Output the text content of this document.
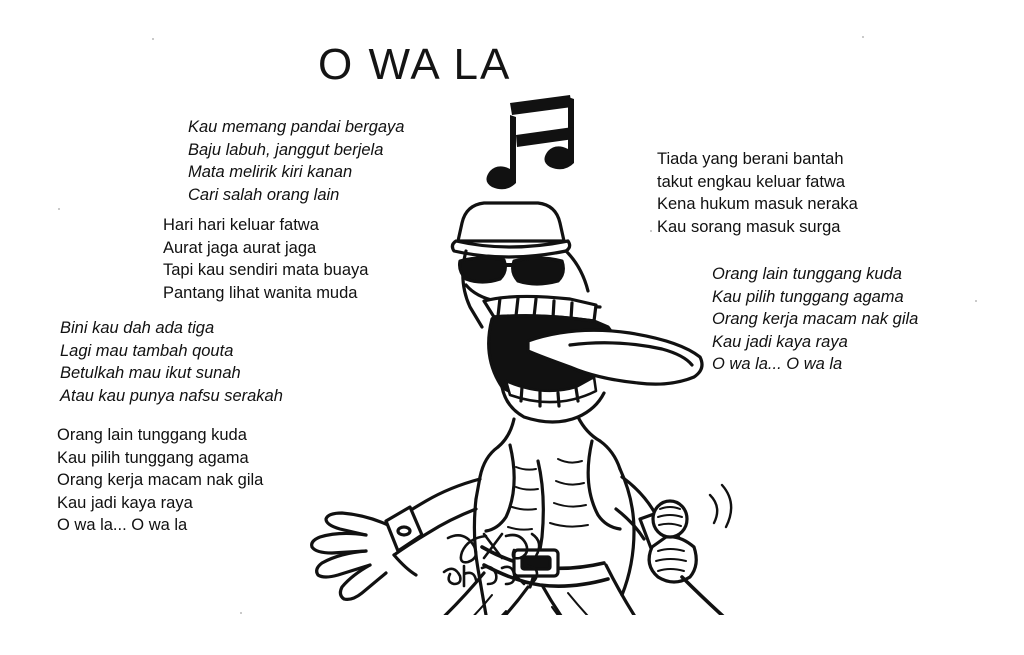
O WA LA
Kau memang pandai bergaya
Baju labuh, janggut berjela
Mata melirik kiri kanan
Cari salah orang lain
Hari hari keluar fatwa
Aurat jaga aurat jaga
Tapi kau sendiri mata buaya
Pantang lihat wanita muda
Bini kau dah ada tiga
Lagi mau tambah qouta
Betulkah mau ikut sunah
Atau kau punya nafsu serakah
Orang lain tunggang kuda
Kau pilih tunggang agama
Orang kerja macam nak gila
Kau jadi kaya raya
O wa la... O wa la
Tiada yang berani bantah
takut engkau keluar fatwa
Kena hukum masuk neraka
Kau sorang masuk surga
Orang lain tunggang kuda
Kau pilih tunggang agama
Orang kerja macam nak gila
Kau jadi kaya raya
O wa la... O wa la
